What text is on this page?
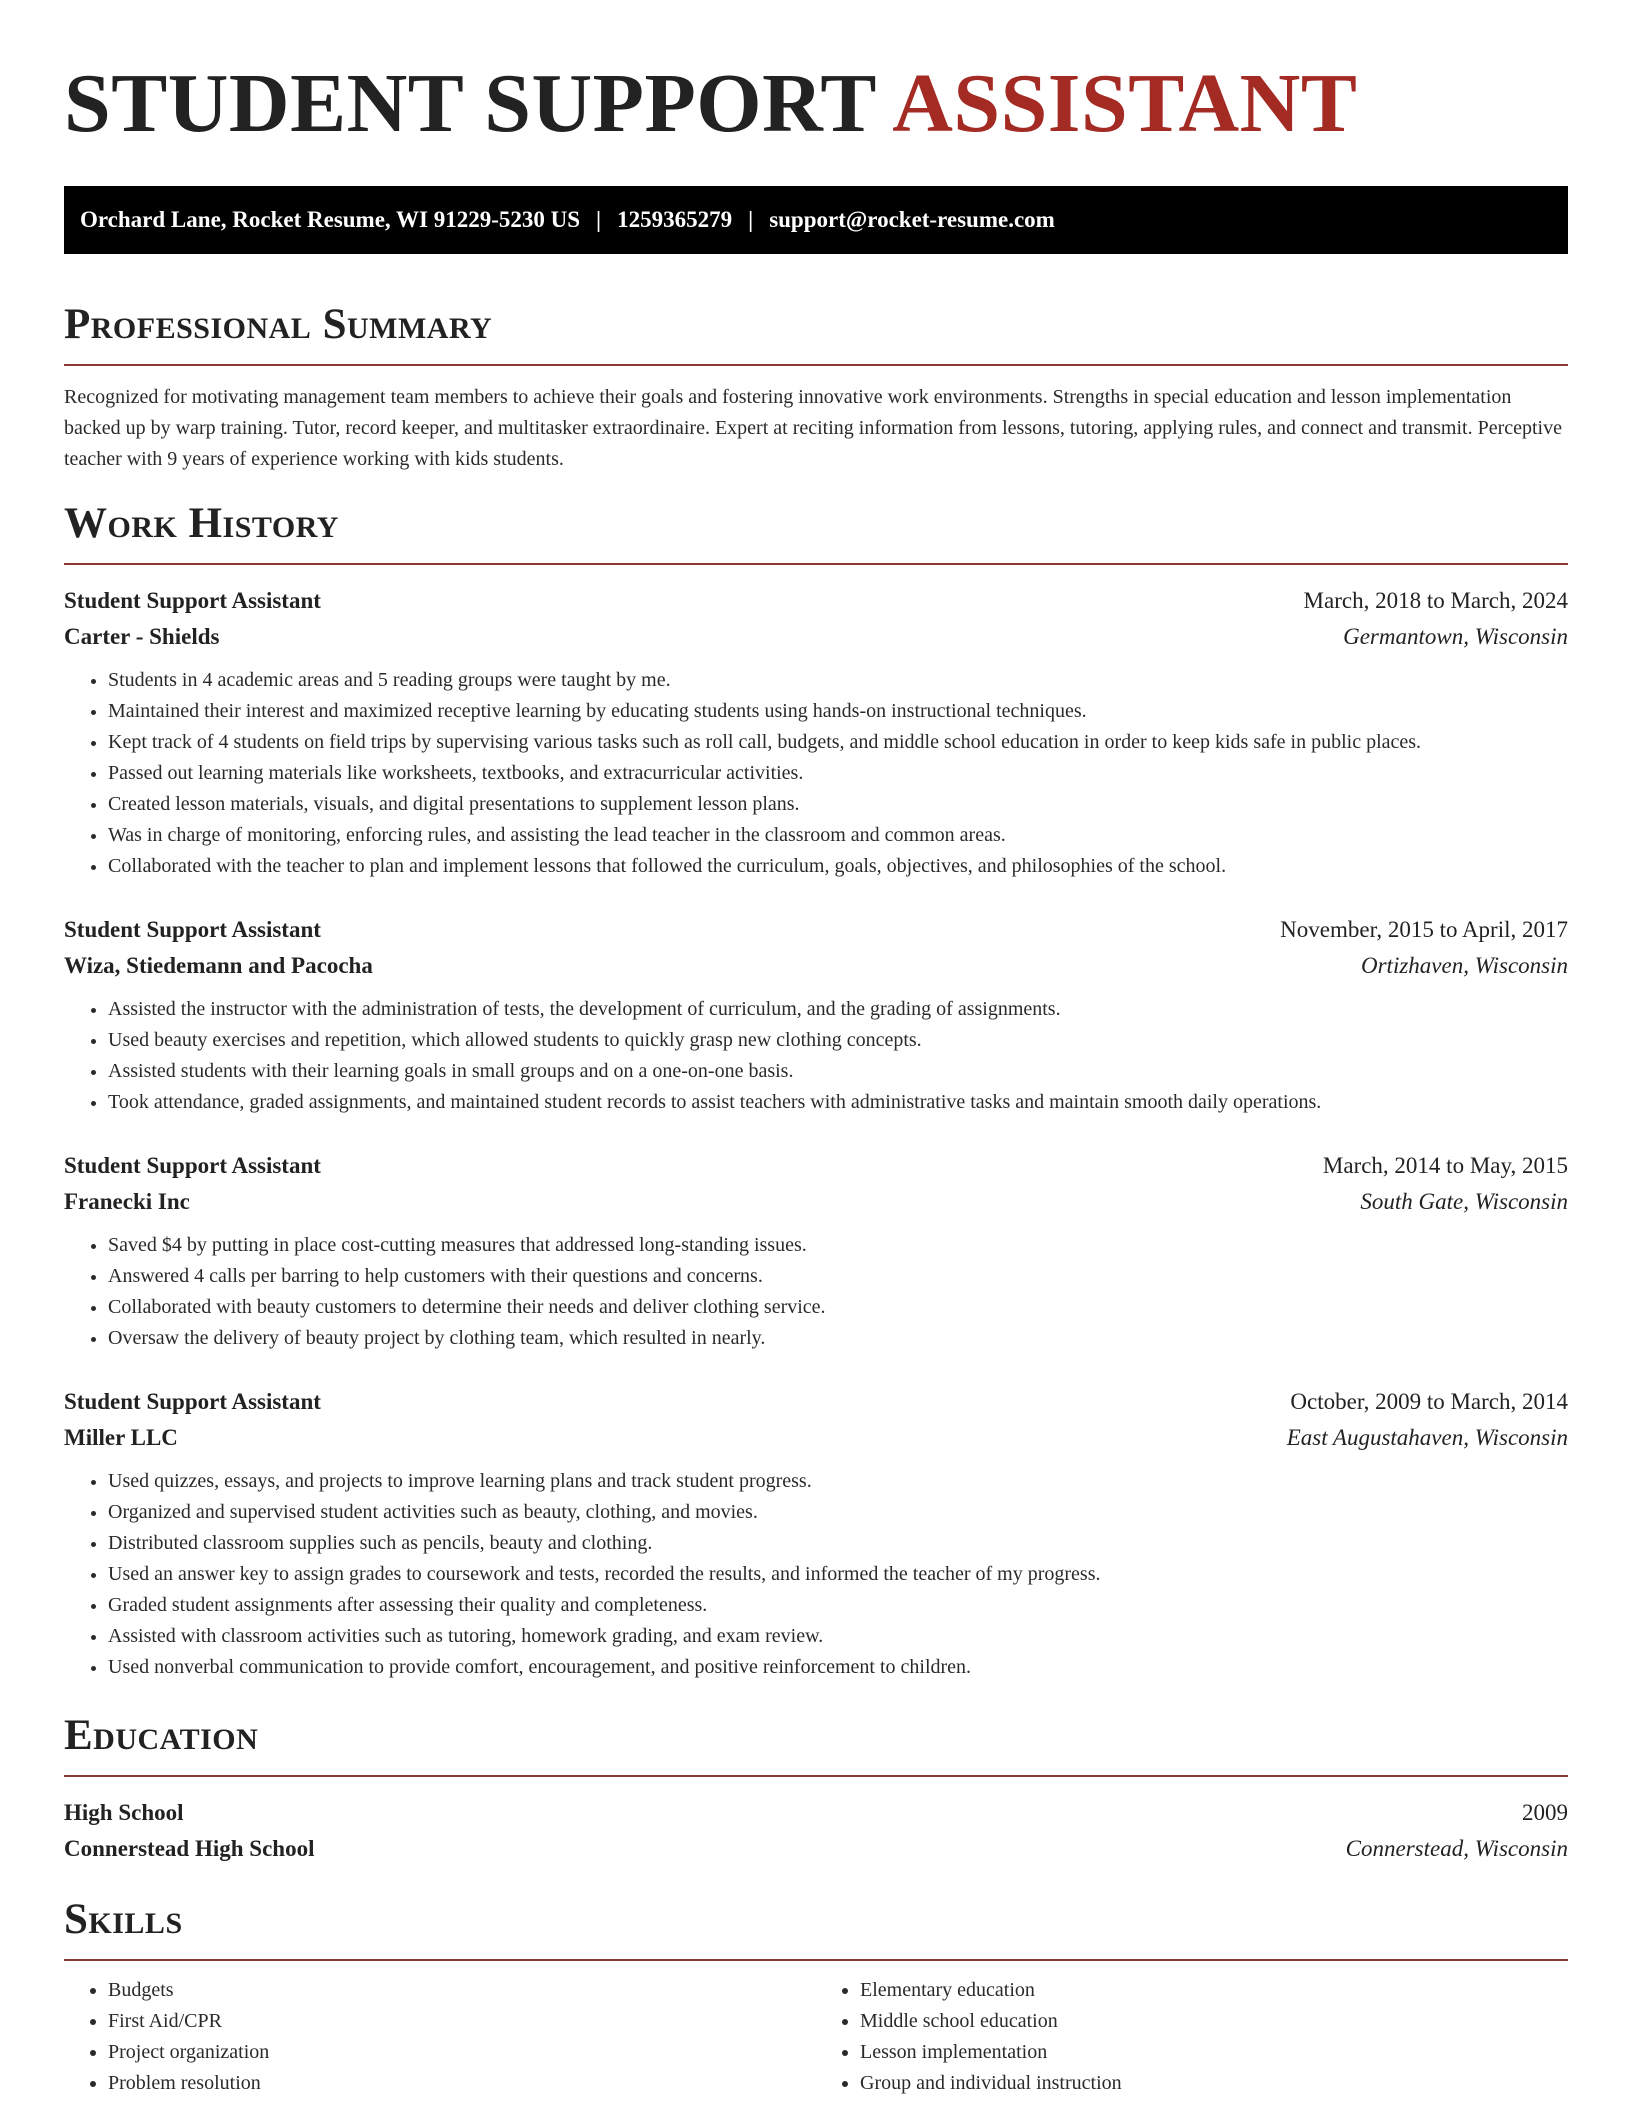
STUDENT SUPPORT ASSISTANT
Orchard Lane, Rocket Resume, WI 91229-5230 US | 1259365279 | support@rocket-resume.com
Professional Summary

Recognized for motivating management team members to achieve their goals and fostering innovative work environments. Strengths in special education and lesson implementation backed up by warp training. Tutor, record keeper, and multitasker extraordinaire. Expert at reciting information from lessons, tutoring, applying rules, and connect and transmit. Perceptive teacher with 9 years of experience working with kids students.

Work History
Student Support Assistant	March, 2018 to March, 2024
Carter - Shields	Germantown, Wisconsin
• Students in 4 academic areas and 5 reading groups were taught by me.
• Maintained their interest and maximized receptive learning by educating students using hands-on instructional techniques.
• Kept track of 4 students on field trips by supervising various tasks such as roll call, budgets, and middle school education in order to keep kids safe in public places.
• Passed out learning materials like worksheets, textbooks, and extracurricular activities.
• Created lesson materials, visuals, and digital presentations to supplement lesson plans.
• Was in charge of monitoring, enforcing rules, and assisting the lead teacher in the classroom and common areas.
• Collaborated with the teacher to plan and implement lessons that followed the curriculum, goals, objectives, and philosophies of the school.
Student Support Assistant	November, 2015 to April, 2017
Wiza, Stiedemann and Pacocha	Ortizhaven, Wisconsin
• Assisted the instructor with the administration of tests, the development of curriculum, and the grading of assignments.
• Used beauty exercises and repetition, which allowed students to quickly grasp new clothing concepts.
• Assisted students with their learning goals in small groups and on a one-on-one basis.
• Took attendance, graded assignments, and maintained student records to assist teachers with administrative tasks and maintain smooth daily operations.
Student Support Assistant	March, 2014 to May, 2015
Franecki Inc	South Gate, Wisconsin
• Saved $4 by putting in place cost-cutting measures that addressed long-standing issues.
• Answered 4 calls per barring to help customers with their questions and concerns.
• Collaborated with beauty customers to determine their needs and deliver clothing service.
• Oversaw the delivery of beauty project by clothing team, which resulted in nearly.
Student Support Assistant	October, 2009 to March, 2014
Miller LLC	East Augustahaven, Wisconsin
• Used quizzes, essays, and projects to improve learning plans and track student progress.
• Organized and supervised student activities such as beauty, clothing, and movies.
• Distributed classroom supplies such as pencils, beauty and clothing.
• Used an answer key to assign grades to coursework and tests, recorded the results, and informed the teacher of my progress.
• Graded student assignments after assessing their quality and completeness.
• Assisted with classroom activities such as tutoring, homework grading, and exam review.
• Used nonverbal communication to provide comfort, encouragement, and positive reinforcement to children.
Education
High School	2009
Connerstead High School	Connerstead, Wisconsin
Skills
• Budgets
• First Aid/CPR
• Project organization
• Problem resolution
• Elementary education
• Middle school education
• Lesson implementation
• Group and individual instruction
